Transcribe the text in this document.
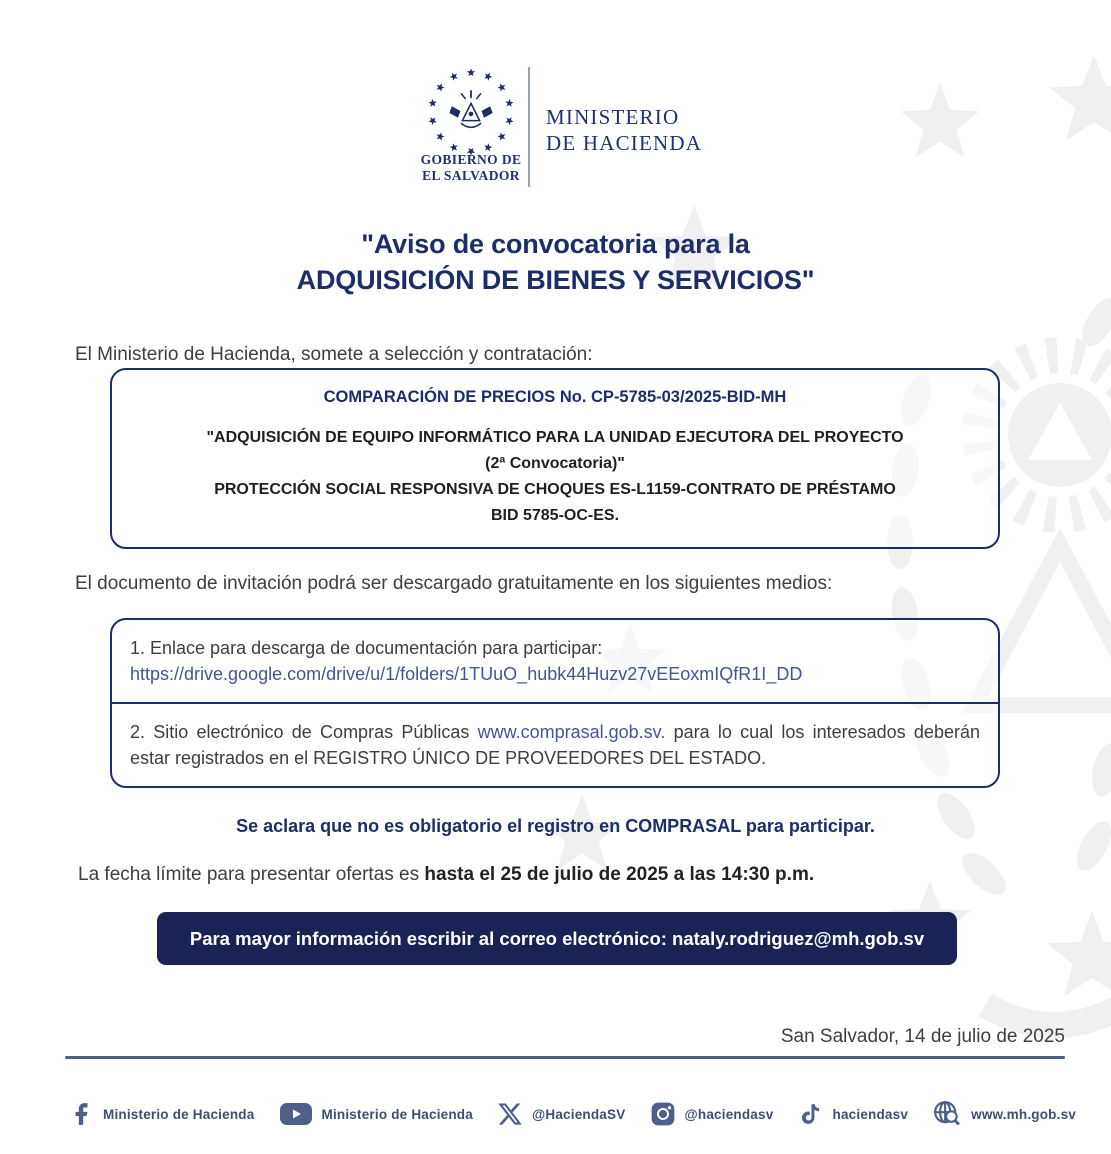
GOBIERNO DE
EL SALVADOR
MINISTERIO
DE HACIENDA
"Aviso de convocatoria para la
ADQUISICIÓN DE BIENES Y SERVICIOS"

El Ministerio de Hacienda, somete a selección y contratación:

COMPARACIÓN DE PRECIOS No. CP-5785-03/2025-BID-MH

"ADQUISICIÓN DE EQUIPO INFORMÁTICO PARA LA UNIDAD EJECUTORA DEL PROYECTO
(2ª Convocatoria)"
PROTECCIÓN SOCIAL RESPONSIVA DE CHOQUES ES-L1159-CONTRATO DE PRÉSTAMO
BID 5785-OC-ES.

El documento de invitación podrá ser descargado gratuitamente en los siguientes medios:

1. Enlace para descarga de documentación para participar:

https://drive.google.com/drive/u/1/folders/1TUuO_hubk44Huzv27vEEoxmIQfR1I_DD

2. Sitio electrónico de Compras Públicas www.comprasal.gob.sv. para lo cual los interesados deberán estar registrados en el REGISTRO ÚNICO DE PROVEEDORES DEL ESTADO.

Se aclara que no es obligatorio el registro en COMPRASAL para participar.

La fecha límite para presentar ofertas es hasta el 25 de julio de 2025 a las 14:30 p.m.

Para mayor información escribir al correo electrónico: nataly.rodriguez@mh.gob.sv

San Salvador, 14 de julio de 2025

Ministerio de Hacienda	Ministerio de Hacienda	@HaciendaSV	@haciendasv	haciendasv	www.mh.gob.sv
